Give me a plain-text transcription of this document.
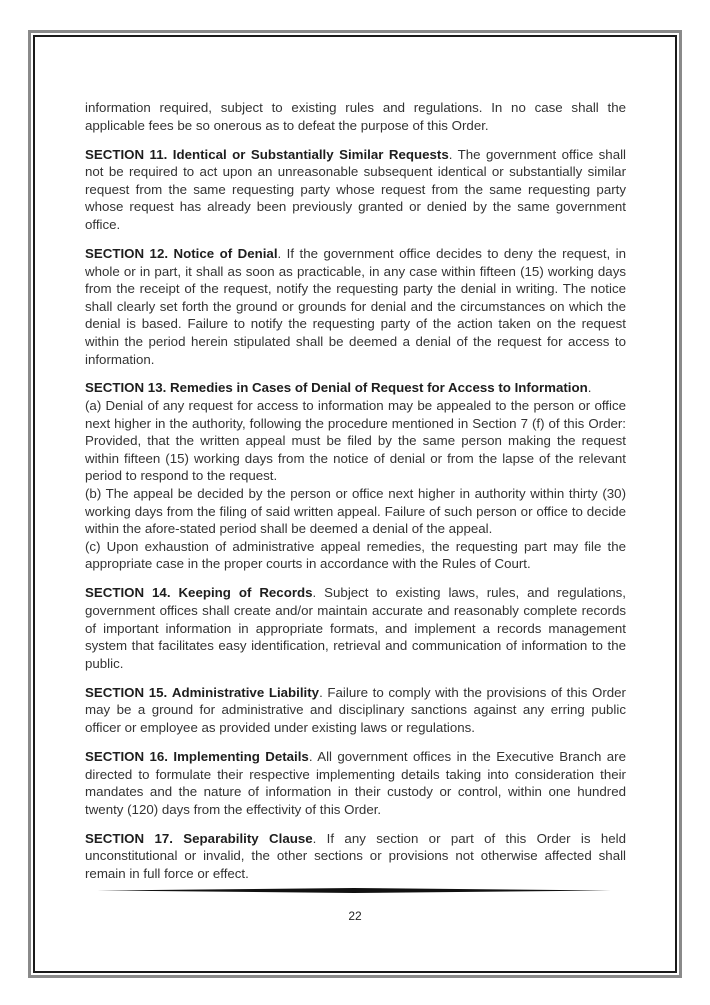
information required, subject to existing rules and regulations. In no case shall the applicable fees be so onerous as to defeat the purpose of this Order.

SECTION 11. Identical or Substantially Similar Requests. The government office shall not be required to act upon an unreasonable subsequent identical or substantially similar request from the same requesting party whose request from the same requesting party whose request has already been previously granted or denied by the same government office.

SECTION 12. Notice of Denial. If the government office decides to deny the request, in whole or in part, it shall as soon as practicable, in any case within fifteen (15) working days from the receipt of the request, notify the requesting party the denial in writing. The notice shall clearly set forth the ground or grounds for denial and the circumstances on which the denial is based. Failure to notify the requesting party of the action taken on the request within the period herein stipulated shall be deemed a denial of the request for access to information.

SECTION 13. Remedies in Cases of Denial of Request for Access to Information.
(a) Denial of any request for access to information may be appealed to the person or office next higher in the authority, following the procedure mentioned in Section 7 (f) of this Order: Provided, that the written appeal must be filed by the same person making the request within fifteen (15) working days from the notice of denial or from the lapse of the relevant period to respond to the request.
(b) The appeal be decided by the person or office next higher in authority within thirty (30) working days from the filing of said written appeal. Failure of such person or office to decide within the afore-stated period shall be deemed a denial of the appeal.
(c) Upon exhaustion of administrative appeal remedies, the requesting part may file the appropriate case in the proper courts in accordance with the Rules of Court.

SECTION 14. Keeping of Records. Subject to existing laws, rules, and regulations, government offices shall create and/or maintain accurate and reasonably complete records of important information in appropriate formats, and implement a records management system that facilitates easy identification, retrieval and communication of information to the public.

SECTION 15. Administrative Liability. Failure to comply with the provisions of this Order may be a ground for administrative and disciplinary sanctions against any erring public officer or employee as provided under existing laws or regulations.

SECTION 16. Implementing Details. All government offices in the Executive Branch are directed to formulate their respective implementing details taking into consideration their mandates and the nature of information in their custody or control, within one hundred twenty (120) days from the effectivity of this Order.

SECTION 17. Separability Clause. If any section or part of this Order is held unconstitutional or invalid, the other sections or provisions not otherwise affected shall remain in full force or effect.

22
